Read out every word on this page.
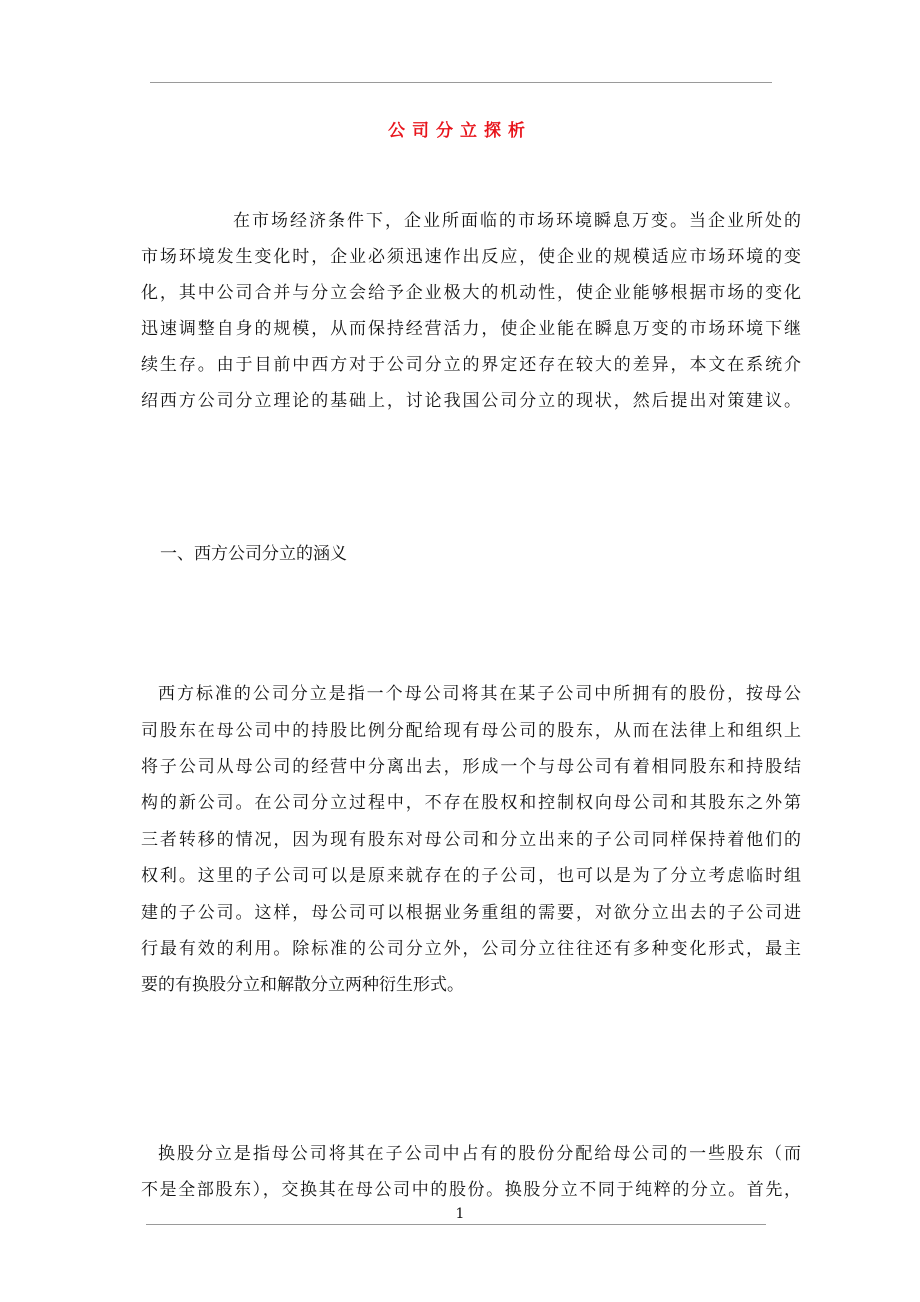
公司分立探析
在市场经济条件下，企业所面临的市场环境瞬息万变。当企业所处的
市场环境发生变化时，企业必须迅速作出反应，使企业的规模适应市场环境的变
化，其中公司合并与分立会给予企业极大的机动性，使企业能够根据市场的变化
迅速调整自身的规模，从而保持经营活力，使企业能在瞬息万变的市场环境下继
续生存。由于目前中西方对于公司分立的界定还存在较大的差异，本文在系统介
绍西方公司分立理论的基础上，讨论我国公司分立的现状，然后提出对策建议。
一、西方公司分立的涵义
西方标准的公司分立是指一个母公司将其在某子公司中所拥有的股份，按母公
司股东在母公司中的持股比例分配给现有母公司的股东，从而在法律上和组织上
将子公司从母公司的经营中分离出去，形成一个与母公司有着相同股东和持股结
构的新公司。在公司分立过程中，不存在股权和控制权向母公司和其股东之外第
三者转移的情况，因为现有股东对母公司和分立出来的子公司同样保持着他们的
权利。这里的子公司可以是原来就存在的子公司，也可以是为了分立考虑临时组
建的子公司。这样，母公司可以根据业务重组的需要，对欲分立出去的子公司进
行最有效的利用。除标准的公司分立外，公司分立往往还有多种变化形式，最主
要的有换股分立和解散分立两种衍生形式。
换股分立是指母公司将其在子公司中占有的股份分配给母公司的一些股东（而
不是全部股东），交换其在母公司中的股份。换股分立不同于纯粹的分立。首先，
1
